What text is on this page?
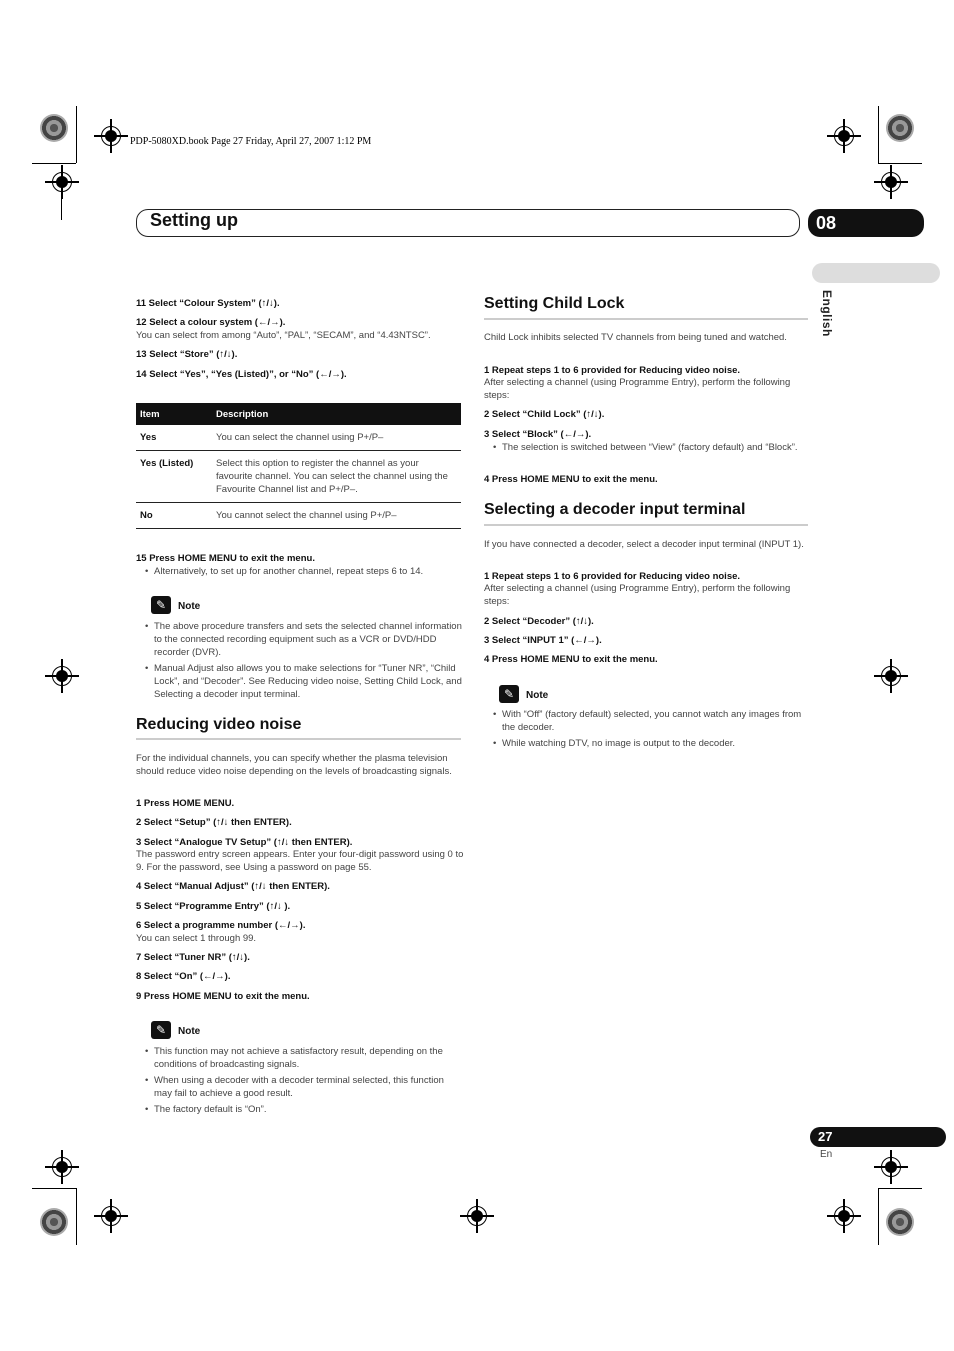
PDP-5080XD.book Page 27 Friday, April 27, 2007 1:12 PM
Setting up	08
English
11 Select “Colour System” (↑/↓).
12 Select a colour system (←/→).
You can select from among “Auto”, “PAL”, “SECAM”, and “4.43NTSC”.
13 Select “Store” (↑/↓).
14 Select “Yes”, “Yes (Listed)”, or “No” (←/→).
Item	Description
Yes	You can select the channel using P+/P–
Yes (Listed)	Select this option to register the channel as your favourite channel. You can select the channel using the Favourite Channel list and P+/P–.
No	You cannot select the channel using P+/P–
15 Press HOME MENU to exit the menu.
• Alternatively, to set up for another channel, repeat steps 6 to 14.
✎	Note
• The above procedure transfers and sets the selected channel information to the connected recording equipment such as a VCR or DVD/HDD recorder (DVR).
• Manual Adjust also allows you to make selections for “Tuner NR”, “Child Lock”, and “Decoder”. See Reducing video noise, Setting Child Lock, and Selecting a decoder input terminal.
Reducing video noise
For the individual channels, you can specify whether the plasma television should reduce video noise depending on the levels of broadcasting signals.
1 Press HOME MENU.
2 Select “Setup” (↑/↓ then ENTER).
3 Select “Analogue TV Setup” (↑/↓ then ENTER).
The password entry screen appears. Enter your four-digit password using 0 to 9. For the password, see Using a password on page 55.
4 Select “Manual Adjust” (↑/↓ then ENTER).
5 Select “Programme Entry” (↑/↓ ).
6 Select a programme number (←/→).
You can select 1 through 99.
7 Select “Tuner NR” (↑/↓).
8 Select “On” (←/→).
9 Press HOME MENU to exit the menu.
✎	Note
• This function may not achieve a satisfactory result, depending on the conditions of broadcasting signals.
• When using a decoder with a decoder terminal selected, this function may fail to achieve a good result.
• The factory default is “On”.
Setting Child Lock
Child Lock inhibits selected TV channels from being tuned and watched.
1 Repeat steps 1 to 6 provided for Reducing video noise.
After selecting a channel (using Programme Entry), perform the following steps:
2 Select “Child Lock” (↑/↓).
3 Select “Block” (←/→).
• The selection is switched between “View” (factory default) and “Block”.
4 Press HOME MENU to exit the menu.
Selecting a decoder input terminal
If you have connected a decoder, select a decoder input terminal (INPUT 1).
1 Repeat steps 1 to 6 provided for Reducing video noise.
After selecting a channel (using Programme Entry), perform the following steps:
2 Select “Decoder” (↑/↓).
3 Select “INPUT 1” (←/→).
4 Press HOME MENU to exit the menu.
✎	Note
• With “Off” (factory default) selected, you cannot watch any images from the decoder.
• While watching DTV, no image is output to the decoder.
27
En
